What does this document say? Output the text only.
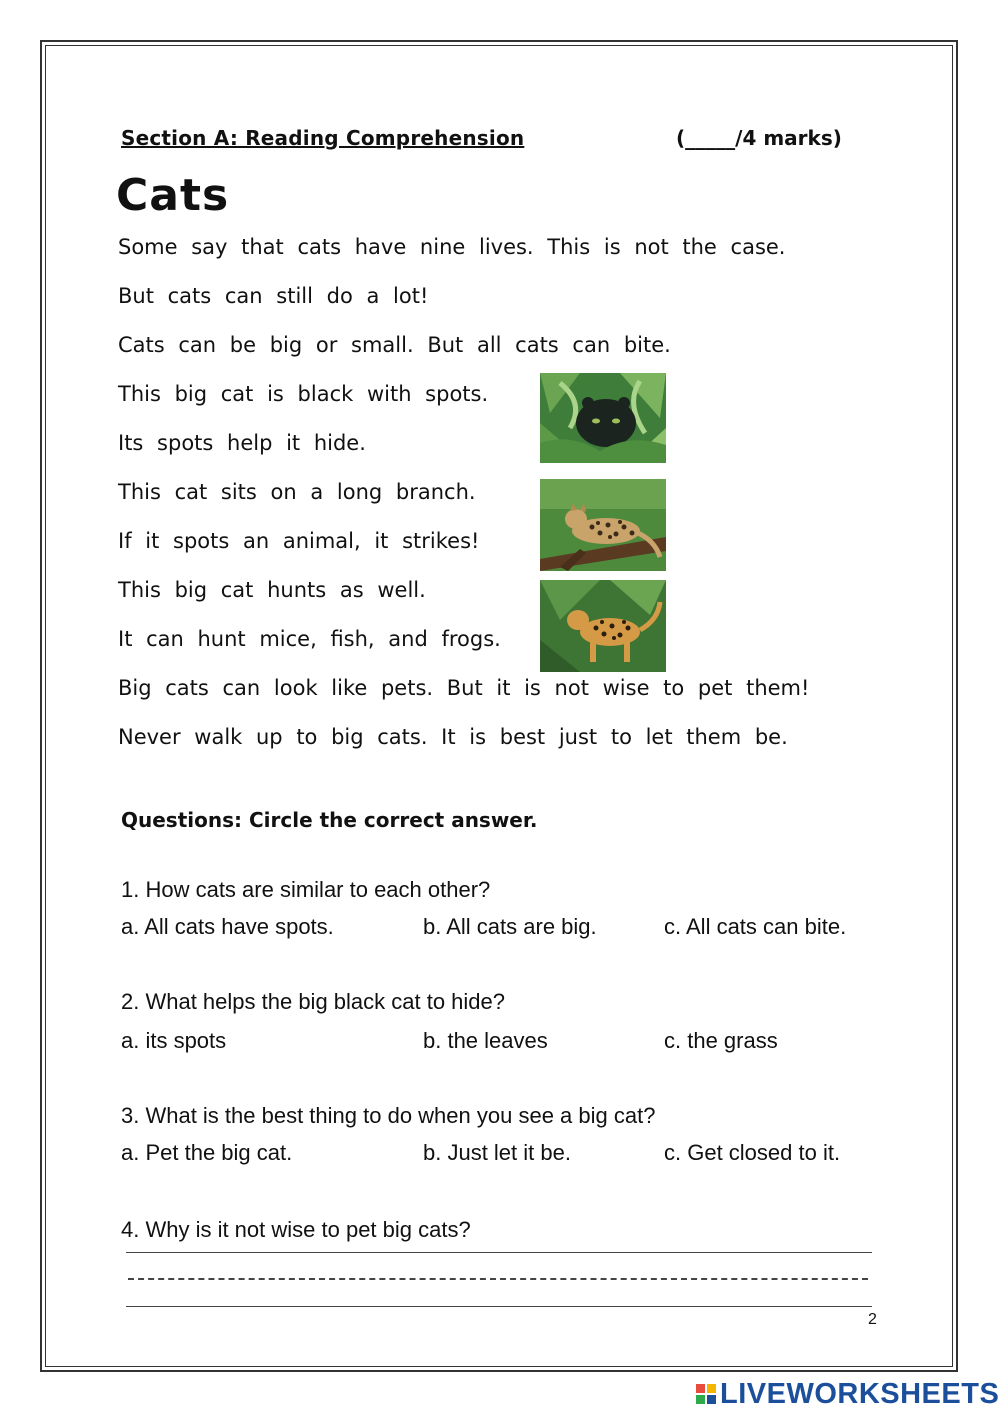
Section A: Reading Comprehension	(_____/4 marks)
Cats
Some say that cats have nine lives. This is not the case.
But cats can still do a lot!
Cats can be big or small. But all cats can bite.
This big cat is black with spots.
Its spots help it hide.
This cat sits on a long branch.
If it spots an animal, it strikes!
This big cat hunts as well.
It can hunt mice, fish, and frogs.
Big cats can look like pets. But it is not wise to pet them!
Never walk up to big cats. It is best just to let them be.
Questions: Circle the correct answer.
1. How cats are similar to each other?
a. All cats have spots.	b. All cats are big.	c. All cats can bite.
2. What helps the big black cat to hide?
a. its spots	b. the leaves	c. the grass
3. What is the best thing to do when you see a big cat?
a. Pet the big cat.	b. Just let it be.	c. Get closed to it.
4. Why is it not wise to pet big cats?
2
LIVEWORKSHEETS
